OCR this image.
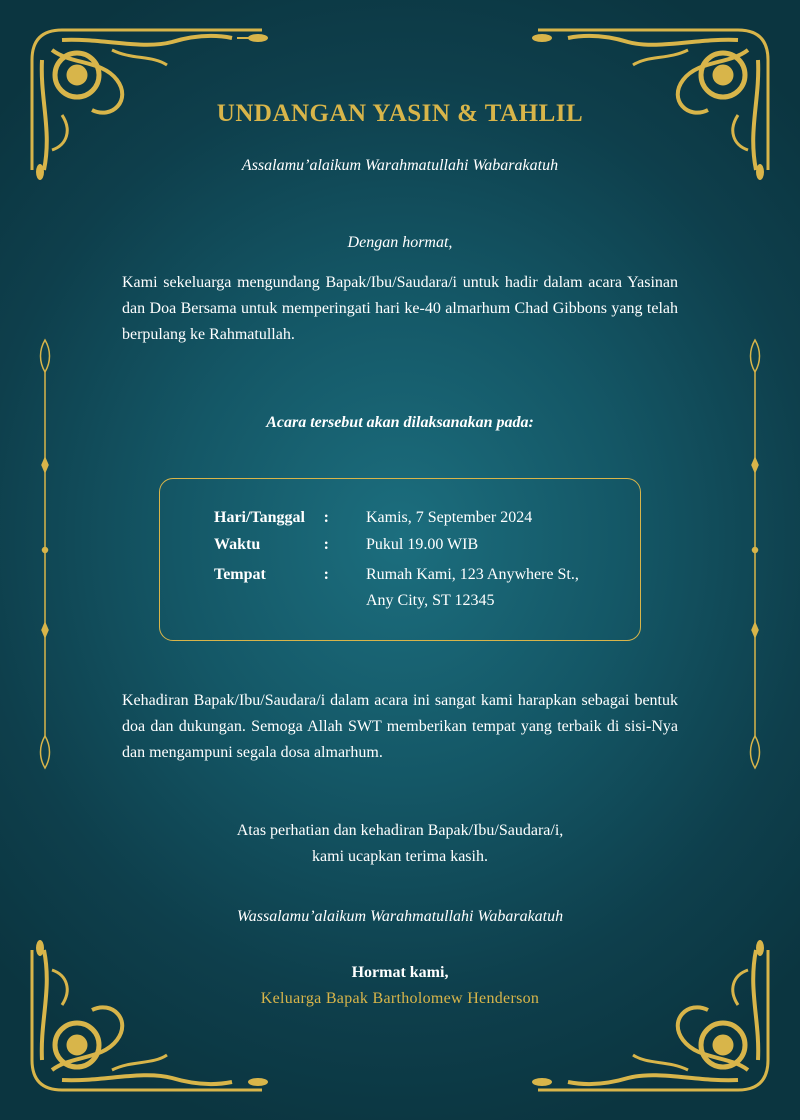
UNDANGAN YASIN & TAHLIL

Assalamu’alaikum Warahmatullahi Wabarakatuh

Dengan hormat,

Kami sekeluarga mengundang Bapak/Ibu/Saudara/i untuk hadir dalam acara Yasinan dan Doa Bersama untuk memperingati hari ke-40 almarhum Chad Gibbons yang telah berpulang ke Rahmatullah.

Acara tersebut akan dilaksanakan pada:

Hari/Tanggal : Kamis, 7 September 2024
Waktu	: Pukul 19.00 WIB
Tempat	: Rumah Kami, 123 Anywhere St., Any City, ST 12345

Kehadiran Bapak/Ibu/Saudara/i dalam acara ini sangat kami harapkan sebagai bentuk doa dan dukungan. Semoga Allah SWT memberikan tempat yang terbaik di sisi-Nya dan mengampuni segala dosa almarhum.

Atas perhatian dan kehadiran Bapak/Ibu/Saudara/i,
kami ucapkan terima kasih.

Wassalamu’alaikum Warahmatullahi Wabarakatuh

Hormat kami,

Keluarga Bapak Bartholomew Henderson
